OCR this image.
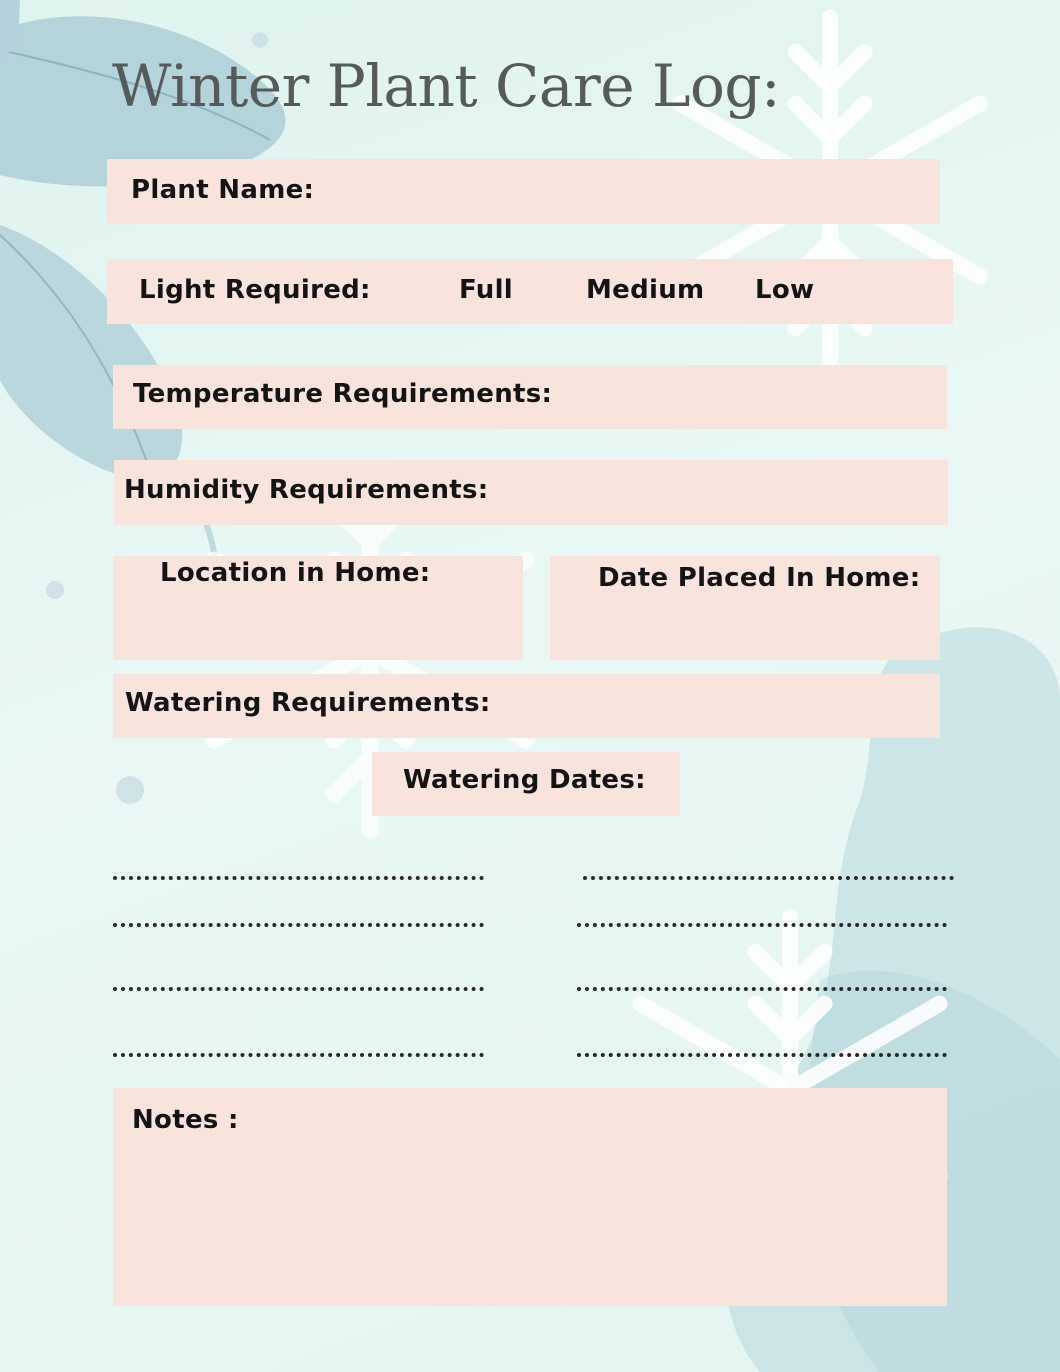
Winter Plant Care Log:
Plant Name:
Light Required:	Full	Medium Low
Temperature Requirements:
Humidity Requirements:
Location in Home:	Date Placed In Home:
Watering Requirements:
Watering Dates:
Notes :
